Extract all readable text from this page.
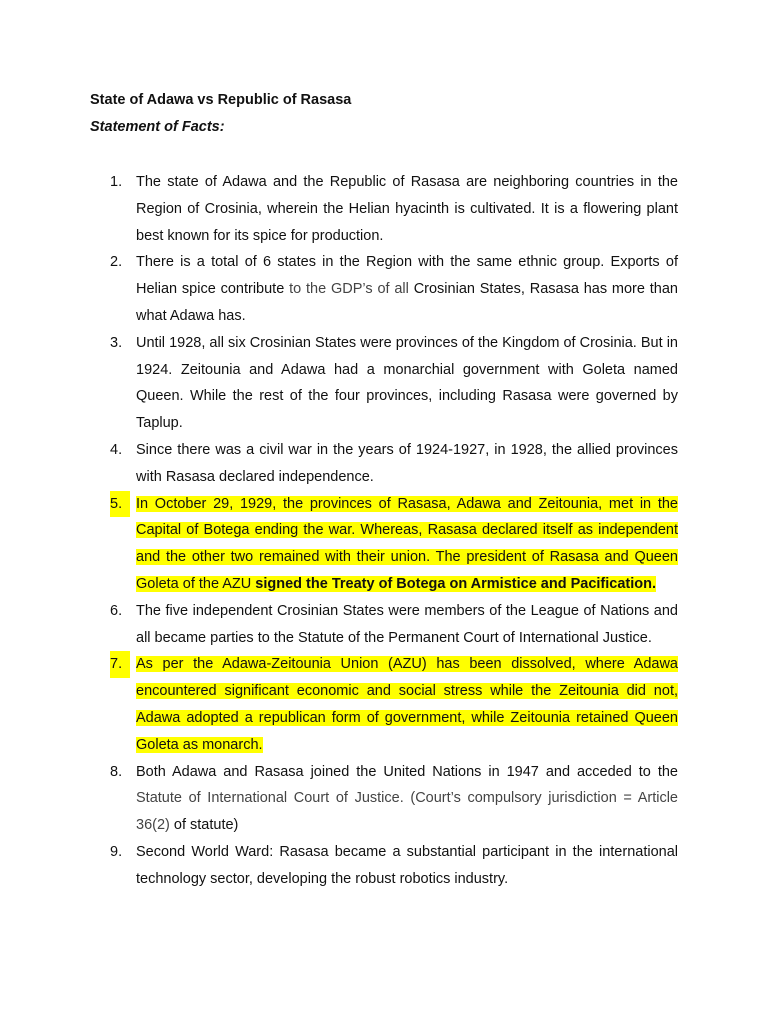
State of Adawa vs Republic of Rasasa

Statement of Facts:

1. The state of Adawa and the Republic of Rasasa are neighboring countries in the Region of Crosinia, wherein the Helian hyacinth is cultivated. It is a flowering plant best known for its spice for production.
2. There is a total of 6 states in the Region with the same ethnic group. Exports of Helian spice contribute to the GDP’s of all Crosinian States, Rasasa has more than what Adawa has.
3. Until 1928, all six Crosinian States were provinces of the Kingdom of Crosinia. But in 1924. Zeitounia and Adawa had a monarchial government with Goleta named Queen. While the rest of the four provinces, including Rasasa were governed by Taplup.
4. Since there was a civil war in the years of 1924-1927, in 1928, the allied provinces with Rasasa declared independence.
5. In October 29, 1929, the provinces of Rasasa, Adawa and Zeitounia, met in the Capital of Botega ending the war. Whereas, Rasasa declared itself as independent and the other two remained with their union. The president of Rasasa and Queen Goleta of the AZU signed the Treaty of Botega on Armistice and Pacification.
6. The five independent Crosinian States were members of the League of Nations and all became parties to the Statute of the Permanent Court of International Justice.
7. As per the Adawa-Zeitounia Union (AZU) has been dissolved, where Adawa encountered significant economic and social stress while the Zeitounia did not, Adawa adopted a republican form of government, while Zeitounia retained Queen Goleta as monarch.
8. Both Adawa and Rasasa joined the United Nations in 1947 and acceded to the Statute of International Court of Justice. (Court’s compulsory jurisdiction = Article 36(2) of statute)
9. Second World Ward: Rasasa became a substantial participant in the international technology sector, developing the robust robotics industry.
